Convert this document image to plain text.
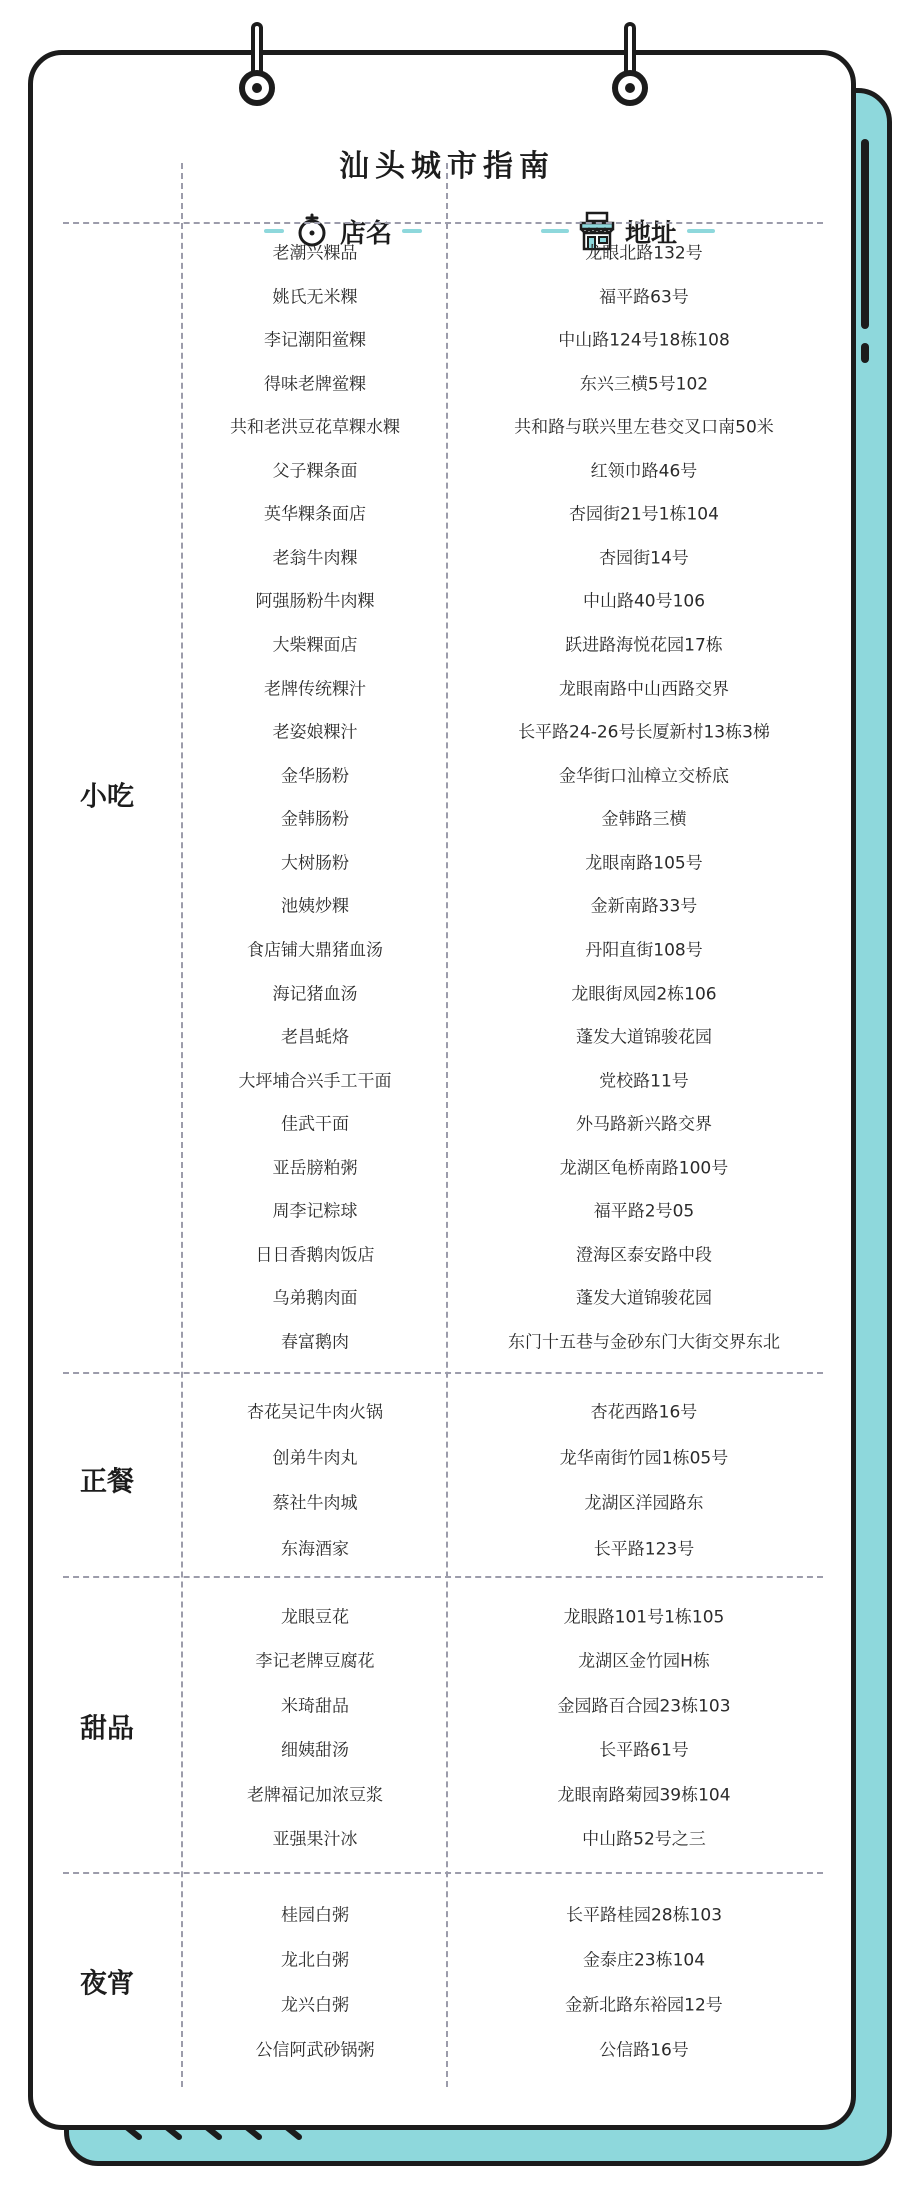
汕头城市指南
店名	地址
小吃
老潮兴粿品	龙眼北路132号
姚氏无米粿	福平路63号
李记潮阳鲎粿	中山路124号18栋108
得味老牌鲎粿	东兴三横5号102
共和老洪豆花草粿水粿	共和路与联兴里左巷交叉口南50米
父子粿条面	红领巾路46号
英华粿条面店	杏园街21号1栋104
老翁牛肉粿	杏园街14号
阿强肠粉牛肉粿	中山路40号106
大柴粿面店	跃进路海悦花园17栋
老牌传统粿汁	龙眼南路中山西路交界
老姿娘粿汁	长平路24-26号长厦新村13栋3梯
金华肠粉	金华街口汕樟立交桥底
金韩肠粉	金韩路三横
大树肠粉	龙眼南路105号
池姨炒粿	金新南路33号
食店铺大鼎猪血汤	丹阳直街108号
海记猪血汤	龙眼街凤园2栋106
老昌蚝烙	蓬发大道锦骏花园
大坪埔合兴手工干面	党校路11号
佳武干面	外马路新兴路交界
亚岳膀粕粥	龙湖区龟桥南路100号
周李记粽球	福平路2号05
日日香鹅肉饭店	澄海区泰安路中段
乌弟鹅肉面	蓬发大道锦骏花园
春富鹅肉	东门十五巷与金砂东门大街交界东北
正餐
杏花吴记牛肉火锅	杏花西路16号
创弟牛肉丸	龙华南街竹园1栋05号
蔡社牛肉城	龙湖区洋园路东
东海酒家	长平路123号
甜品
龙眼豆花	龙眼路101号1栋105
李记老牌豆腐花	龙湖区金竹园H栋
米琦甜品	金园路百合园23栋103
细姨甜汤	长平路61号
老牌福记加浓豆浆	龙眼南路菊园39栋104
亚强果汁冰	中山路52号之三
夜宵
桂园白粥	长平路桂园28栋103
龙北白粥	金泰庄23栋104
龙兴白粥	金新北路东裕园12号
公信阿武砂锅粥	公信路16号
